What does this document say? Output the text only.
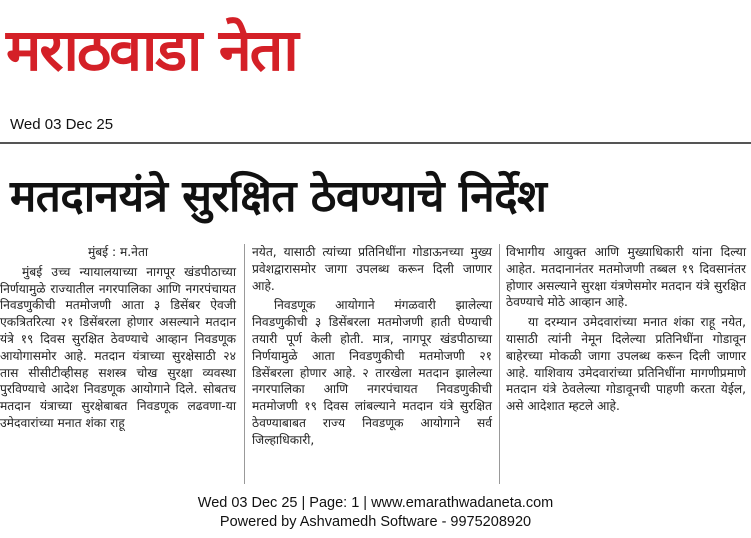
मराठवाडा नेता
Wed 03 Dec 25
मतदानयंत्रे सुरक्षित ठेवण्याचे निर्देश

मुंबई : म.नेता

मुंबई उच्च न्यायालयाच्या नागपूर खंडपीठाच्या निर्णयामुळे राज्यातील नगरपालिका आणि नगरपंचायत निवडणुकीची मतमोजणी आता ३ डिसेंबर ऐवजी एकत्रितरित्या २१ डिसेंबरला होणार असल्याने मतदान यंत्रे १९ दिवस सुरक्षित ठेवण्याचे आव्हान निवडणूक आयोगासमोर आहे. मतदान यंत्राच्या सुरक्षेसाठी २४ तास सीसीटीव्हीसह सशस्त्र चोख सुरक्षा व्यवस्था पुरविण्याचे आदेश निवडणूक आयोगाने दिले. सोबतच मतदान यंत्राच्या सुरक्षेबाबत निवडणूक लढवणा-या उमेदवारांच्या मनात शंका राहू

नयेत, यासाठी त्यांच्या प्रतिनिधींना गोडाऊनच्या मुख्य प्रवेशद्वारासमोर जागा उपलब्ध करून दिली जाणार आहे.

निवडणूक आयोगाने मंगळवारी झालेल्या निवडणुकीची ३ डिसेंबरला मतमोजणी हाती घेण्याची तयारी पूर्ण केली होती. मात्र, नागपूर खंडपीठाच्या निर्णयामुळे आता निवडणुकीची मतमोजणी २१ डिसेंबरला होणार आहे. २ तारखेला मतदान झालेल्या नगरपालिका आणि नगरपंचायत निवडणुकीची मतमोजणी १९ दिवस लांबल्याने मतदान यंत्रे सुरक्षित ठेवण्याबाबत राज्य निवडणूक आयोगाने सर्व जिल्हाधिकारी,

विभागीय आयुक्त आणि मुख्याधिकारी यांना दिल्या आहेत. मतदानानंतर मतमोजणी तब्बल १९ दिवसानंतर होणार असल्याने सुरक्षा यंत्रणेसमोर मतदान यंत्रे सुरक्षित ठेवण्याचे मोठे आव्हान आहे.

या दरम्यान उमेदवारांच्या मनात शंका राहू नयेत, यासाठी त्यांनी नेमून दिलेल्या प्रतिनिधींना गोडावून बाहेरच्या मोकळी जागा उपलब्ध करून दिली जाणार आहे. याशिवाय उमेदवारांच्या प्रतिनिधींना मागणीप्रमाणे मतदान यंत्रे ठेवलेल्या गोडावूनची पाहणी करता येईल, असे आदेशात म्हटले आहे.

Wed 03 Dec 25 | Page: 1 | www.emarathwadaneta.com
Powered by Ashvamedh Software - 9975208920
